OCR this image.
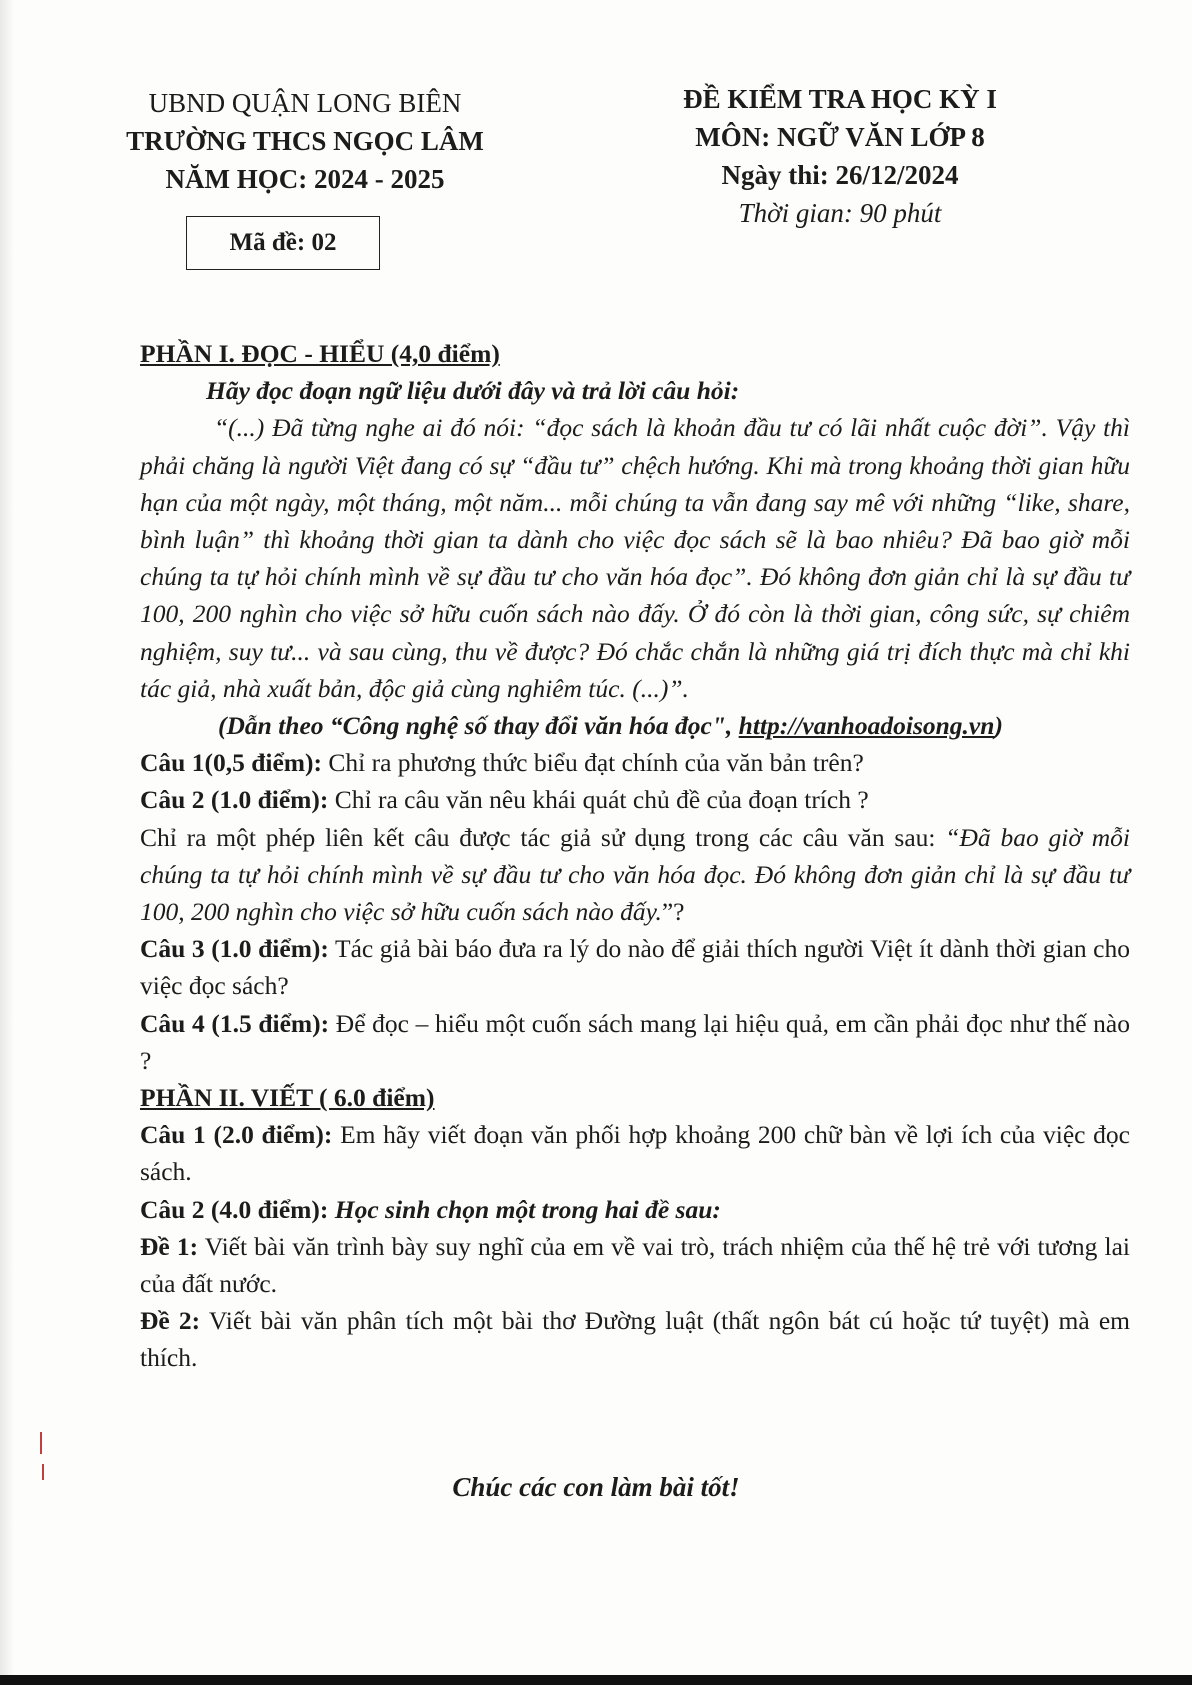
UBND QUẬN LONG BIÊN
TRƯỜNG THCS NGỌC LÂM
NĂM HỌC: 2024 - 2025
Mã đề: 02
ĐỀ KIỂM TRA HỌC KỲ I
MÔN: NGỮ VĂN LỚP 8
Ngày thi: 26/12/2024
Thời gian: 90 phút

PHẦN I. ĐỌC - HIỂU (4,0 điểm)

Hãy đọc đoạn ngữ liệu dưới đây và trả lời câu hỏi:

“(...) Đã từng nghe ai đó nói: “đọc sách là khoản đầu tư có lãi nhất cuộc đời”. Vậy thì phải chăng là người Việt đang có sự “đầu tư” chệch hướng. Khi mà trong khoảng thời gian hữu hạn của một ngày, một tháng, một năm... mỗi chúng ta vẫn đang say mê với những “like, share, bình luận” thì khoảng thời gian ta dành cho việc đọc sách sẽ là bao nhiêu? Đã bao giờ mỗi chúng ta tự hỏi chính mình về sự đầu tư cho văn hóa đọc”. Đó không đơn giản chỉ là sự đầu tư 100, 200 nghìn cho việc sở hữu cuốn sách nào đấy. Ở đó còn là thời gian, công sức, sự chiêm nghiệm, suy tư... và sau cùng, thu về được? Đó chắc chắn là những giá trị đích thực mà chỉ khi tác giả, nhà xuất bản, độc giả cùng nghiêm túc. (...)”.

(Dẫn theo “Công nghệ số thay đổi văn hóa đọc", http://vanhoadoisong.vn)

Câu 1(0,5 điểm): Chỉ ra phương thức biểu đạt chính của văn bản trên?

Câu 2 (1.0 điểm): Chỉ ra câu văn nêu khái quát chủ đề của đoạn trích ?

Chỉ ra một phép liên kết câu được tác giả sử dụng trong các câu văn sau: “Đã bao giờ mỗi chúng ta tự hỏi chính mình về sự đầu tư cho văn hóa đọc. Đó không đơn giản chỉ là sự đầu tư 100, 200 nghìn cho việc sở hữu cuốn sách nào đấy.”?

Câu 3 (1.0 điểm): Tác giả bài báo đưa ra lý do nào để giải thích người Việt ít dành thời gian cho việc đọc sách?

Câu 4 (1.5 điểm): Để đọc – hiểu một cuốn sách mang lại hiệu quả, em cần phải đọc như thế nào ?

PHẦN II. VIẾT ( 6.0 điểm)

Câu 1 (2.0 điểm): Em hãy viết đoạn văn phối hợp khoảng 200 chữ bàn về lợi ích của việc đọc sách.

Câu 2 (4.0 điểm): Học sinh chọn một trong hai đề sau:

Đề 1: Viết bài văn trình bày suy nghĩ của em về vai trò, trách nhiệm của thế hệ trẻ với tương lai của đất nước.

Đề 2: Viết bài văn phân tích một bài thơ Đường luật (thất ngôn bát cú hoặc tứ tuyệt) mà em thích.

Chúc các con làm bài tốt!
